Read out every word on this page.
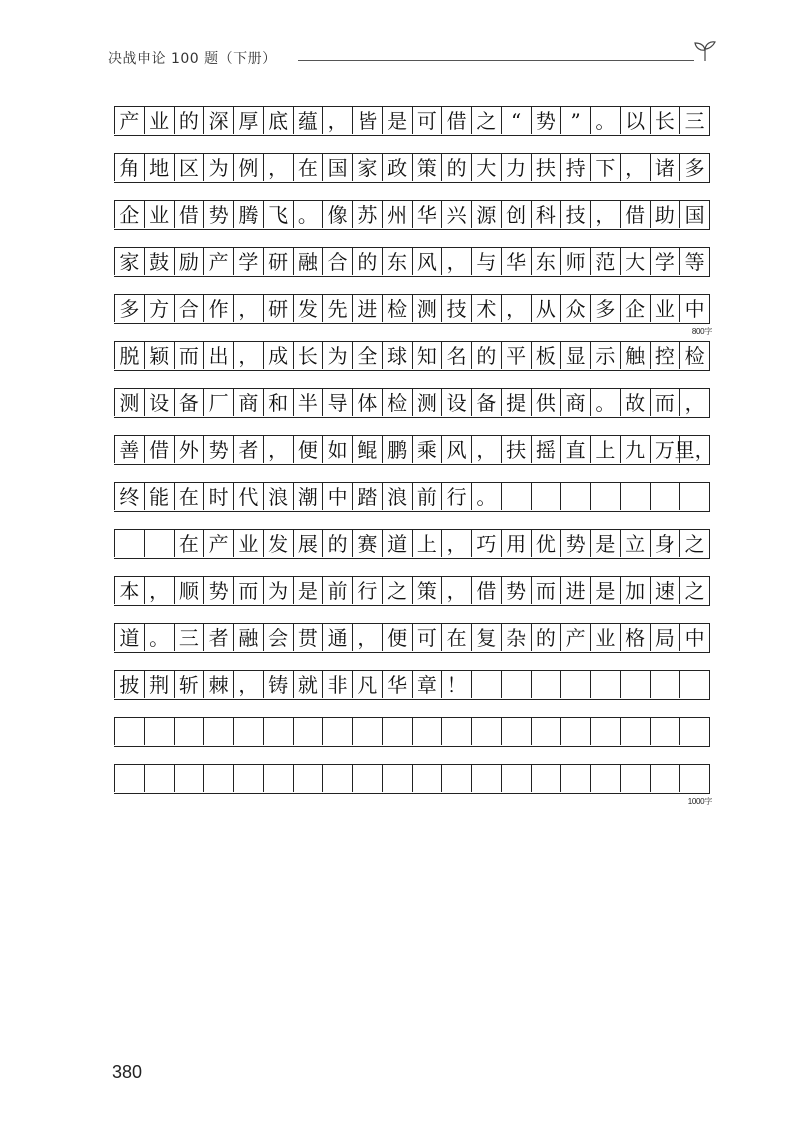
决战申论 100 题（下册）
产 业 的 深 厚 底 蕴 ， 皆 是 可 借 之 “ 势 ” 。 以 长 三
角 地 区 为 例 ， 在 国 家 政 策 的 大 力 扶 持 下 ， 诸 多
企 业 借 势 腾 飞 。 像 苏 州 华 兴 源 创 科 技 ， 借 助 国
家 鼓 励 产 学 研 融 合 的 东 风 ， 与 华 东 师 范 大 学 等
多 方 合 作 ， 研 发 先 进 检 测 技 术 ， 从 众 多 企 业 中
脱 颖 而 出 ， 成 长 为 全 球 知 名 的 平 板 显 示 触 控 检
测 设 备 厂 商 和 半 导 体 检 测 设 备 提 供 商 。 故 而 ，
善 借 外 势 者 ， 便 如 鲲 鹏 乘 风 ， 扶 摇 直 上 九 万 里，
终 能 在 时 代 浪 潮 中 踏 浪 前 行 。
在 产 业 发 展 的 赛 道 上 ， 巧 用 优 势 是 立 身 之
本 ， 顺 势 而 为 是 前 行 之 策 ， 借 势 而 进 是 加 速 之
道 。 三 者 融 会 贯 通 ， 便 可 在 复 杂 的 产 业 格 局 中
披 荆 斩 棘 ， 铸 就 非 凡 华 章 ！
800字
1000字
380
